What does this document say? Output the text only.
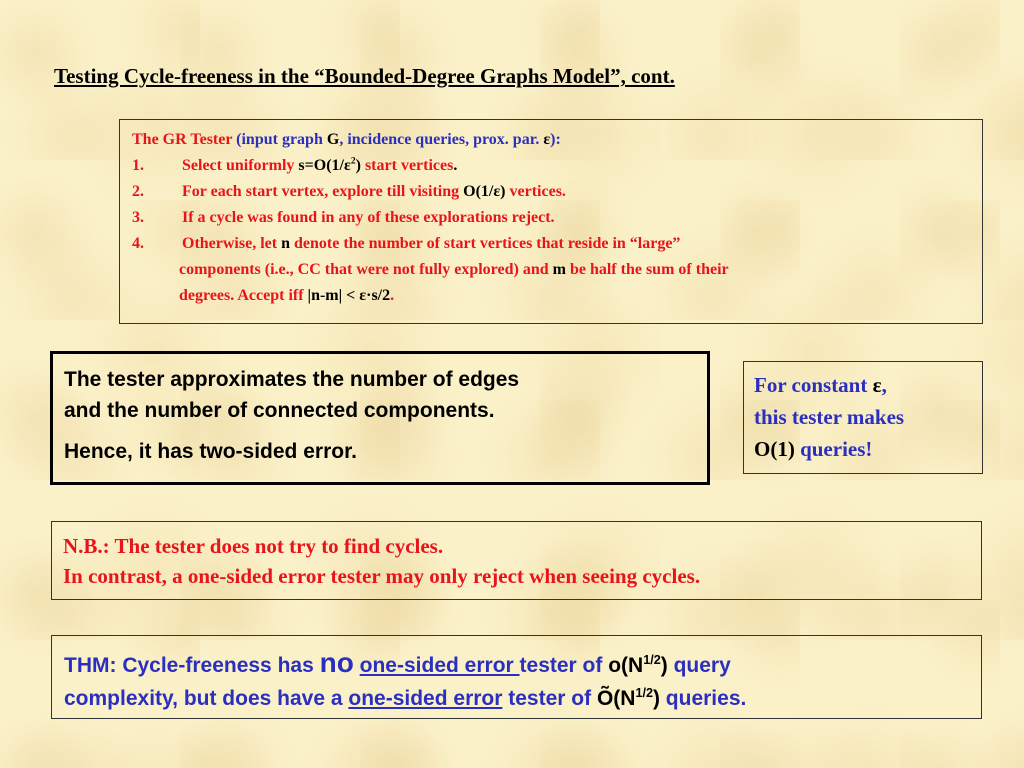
Testing Cycle-freeness in the “Bounded-Degree Graphs Model”, cont.
The GR Tester (input graph G, incidence queries, prox. par. ε):
1. Select uniformly $s=O(1/\varepsilon^2)$ start vertices.
2. For each start vertex, explore till visiting O(1/ε) vertices.
3. If a cycle was found in any of these explorations reject.
4. Otherwise, let n denote the number of start vertices that reside in “large”
components (i.e., CC that were not fully explored) and m be half the sum of their
degrees. Accept iff |n-m| < ε·s/2.

The tester approximates the number of edges
and the number of connected components.

Hence, it has two-sided error.

For constant ε,
this tester makes
O(1) queries!
N.B.: The tester does not try to find cycles.
In contrast, a one-sided error tester may only reject when seeing cycles.
THM: Cycle-freeness has no one-sided error tester of $o(N^{1/2})$ query
complexity, but does have a one-sided error tester of $Õ(N^{1/2})$ queries.
